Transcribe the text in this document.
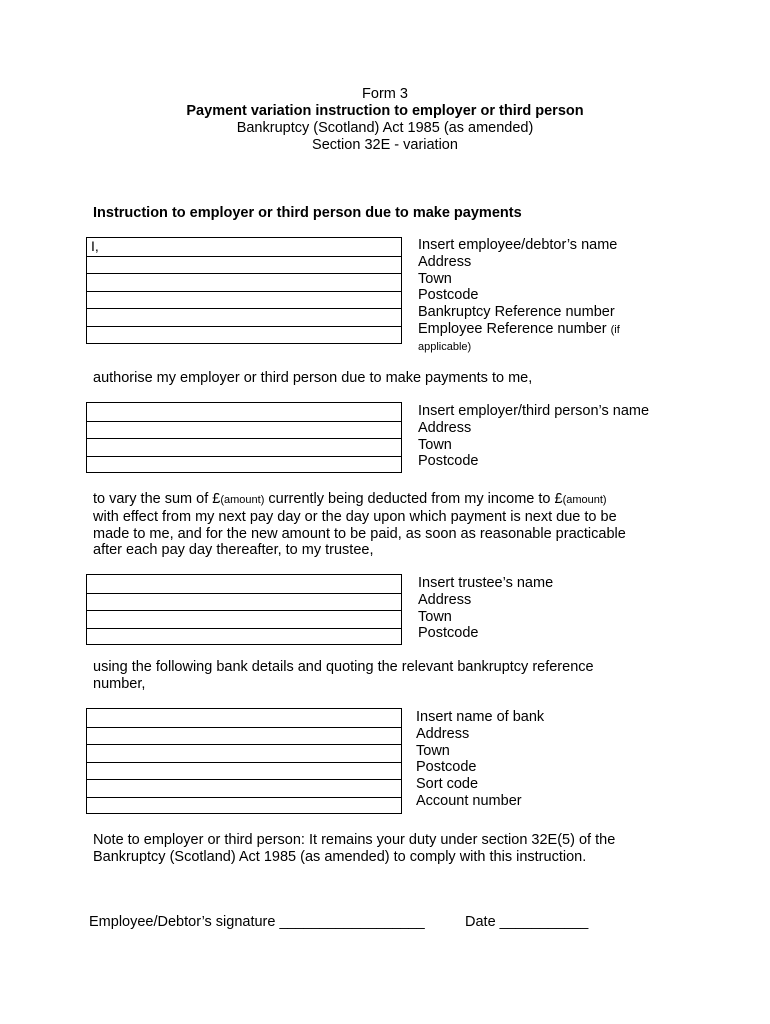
Form 3
Payment variation instruction to employer or third person
Bankruptcy (Scotland) Act 1985 (as amended)
Section 32E - variation
Instruction to employer or third person due to make payments
I,	Insert employee/debtor’s name
Address
Town
Postcode
Bankruptcy Reference number
Employee Reference number (if
applicable)
authorise my employer or third person due to make payments to me,
Insert employer/third person’s name
Address
Town
Postcode
to vary the sum of £(amount) currently being deducted from my income to £(amount)
with effect from my next pay day or the day upon which payment is next due to be
made to me, and for the new amount to be paid, as soon as reasonable practicable
after each pay day thereafter, to my trustee,
Insert trustee’s name
Address
Town
Postcode
using the following bank details and quoting the relevant bankruptcy reference
number,
Insert name of bank
Address
Town
Postcode
Sort code
Account number
Note to employer or third person: It remains your duty under section 32E(5) of the
Bankruptcy (Scotland) Act 1985 (as amended) to comply with this instruction.
Employee/Debtor’s signature __________________	Date ___________
